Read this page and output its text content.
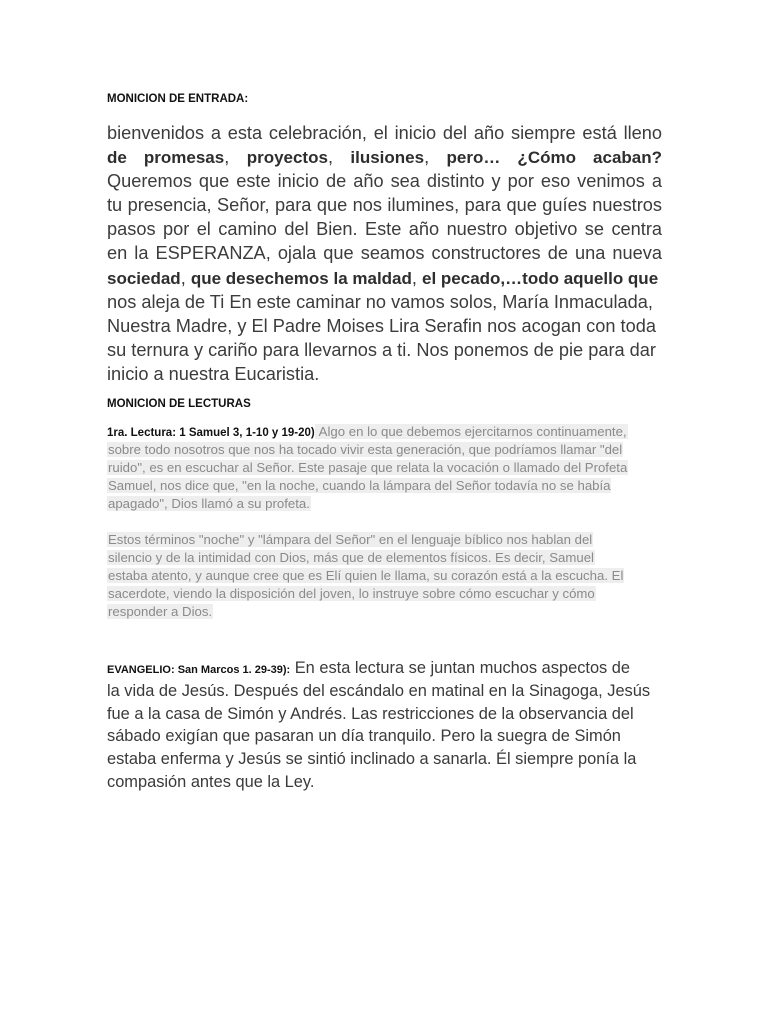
MONICION DE ENTRADA:
bienvenidos a esta celebración, el inicio del año siempre está lleno
de promesas, proyectos, ilusiones, pero… ¿Cómo acaban?
Queremos que este inicio de año sea distinto y por eso venimos a
tu presencia, Señor, para que nos ilumines, para que guíes nuestros
pasos por el camino del Bien. Este año nuestro objetivo se centra
en la ESPERANZA, ojala que seamos constructores de una nueva
sociedad, que desechemos la maldad, el pecado,…todo aquello que
nos aleja de Ti En este caminar no vamos solos, María Inmaculada,
Nuestra Madre, y El Padre Moises Lira Serafin nos acogan con toda
su ternura y cariño para llevarnos a ti. Nos ponemos de pie para dar
inicio a nuestra Eucaristia.
MONICION DE LECTURAS
1ra. Lectura: 1 Samuel 3, 1-10 y 19-20) Algo en lo que debemos ejercitarnos continuamente,
sobre todo nosotros que nos ha tocado vivir esta generación, que podríamos llamar "del
ruido", es en escuchar al Señor. Este pasaje que relata la vocación o llamado del Profeta
Samuel, nos dice que, "en la noche, cuando la lámpara del Señor todavía no se había
apagado", Dios llamó a su profeta.
Estos términos "noche" y "lámpara del Señor" en el lenguaje bíblico nos hablan del
silencio y de la intimidad con Dios, más que de elementos físicos. Es decir, Samuel
estaba atento, y aunque cree que es Elí quien le llama, su corazón está a la escucha. El
sacerdote, viendo la disposición del joven, lo instruye sobre cómo escuchar y cómo
responder a Dios.
EVANGELIO: San Marcos 1. 29-39): En esta lectura se juntan muchos aspectos de
la vida de Jesús. Después del escándalo en matinal en la Sinagoga, Jesús
fue a la casa de Simón y Andrés. Las restricciones de la observancia del
sábado exigían que pasaran un día tranquilo. Pero la suegra de Simón
estaba enferma y Jesús se sintió inclinado a sanarla. Él siempre ponía la
compasión antes que la Ley.
